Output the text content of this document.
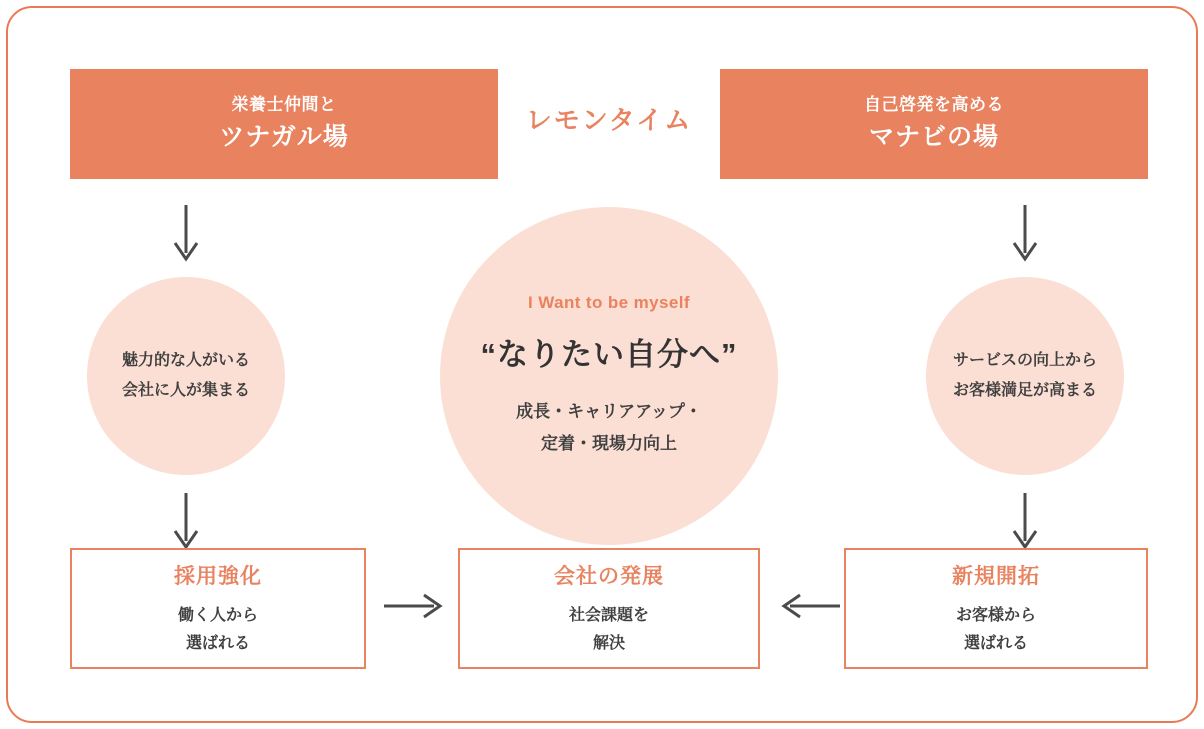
栄養士仲間と
ツナガル場
レモンタイム
自己啓発を高める
マナビの場
魅力的な人がいる
会社に人が集まる
I Want to be myself
“なりたい自分へ”
成長・キャリアアップ・
定着・現場力向上
サービスの向上から
お客様満足が高まる
採用強化
働く人から
選ばれる
会社の発展
社会課題を
解決
新規開拓
お客様から
選ばれる
